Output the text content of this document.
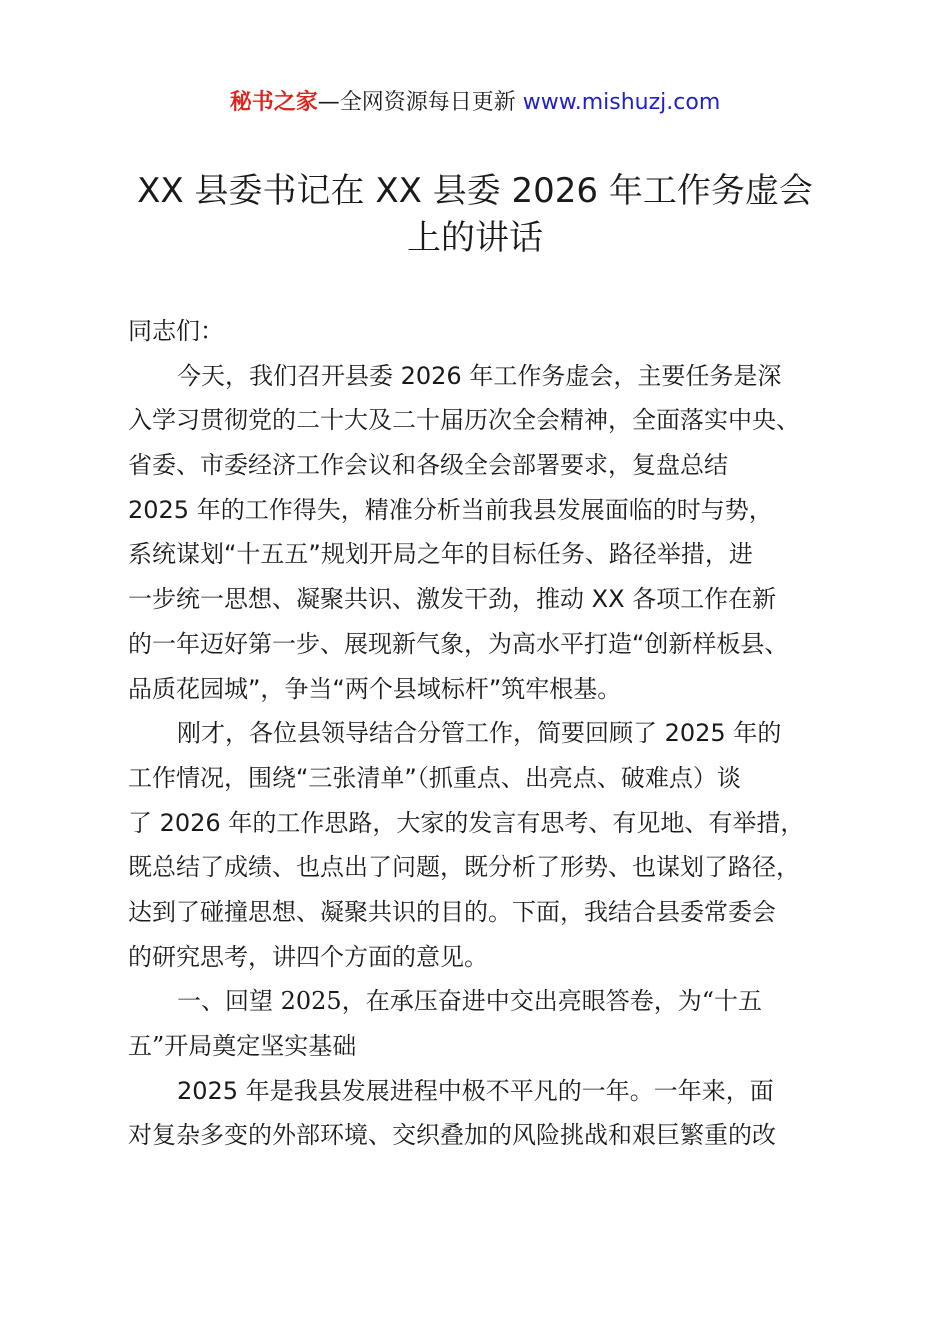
秘书之家—全网资源每日更新 www.mishuzj.com
XX 县委书记在 XX 县委 2026 年工作务虚会
上的讲话
同志们：
今天，我们召开县委 2026 年工作务虚会，主要任务是深
入学习贯彻党的二十大及二十届历次全会精神，全面落实中央、
省委、市委经济工作会议和各级全会部署要求，复盘总结
2025 年的工作得失，精准分析当前我县发展面临的时与势，
系统谋划“十五五”规划开局之年的目标任务、路径举措，进
一步统一思想、凝聚共识、激发干劲，推动 XX 各项工作在新
的一年迈好第一步、展现新气象，为高水平打造“创新样板县、
品质花园城”，争当“两个县域标杆”筑牢根基。
刚才，各位县领导结合分管工作，简要回顾了 2025 年的
工作情况，围绕“三张清单”（抓重点、出亮点、破难点）谈
了 2026 年的工作思路，大家的发言有思考、有见地、有举措，
既总结了成绩、也点出了问题，既分析了形势、也谋划了路径，
达到了碰撞思想、凝聚共识的目的。下面，我结合县委常委会
的研究思考，讲四个方面的意见。
一、回望 2025，在承压奋进中交出亮眼答卷，为“十五
五”开局奠定坚实基础
2025 年是我县发展进程中极不平凡的一年。一年来，面
对复杂多变的外部环境、交织叠加的风险挑战和艰巨繁重的改
